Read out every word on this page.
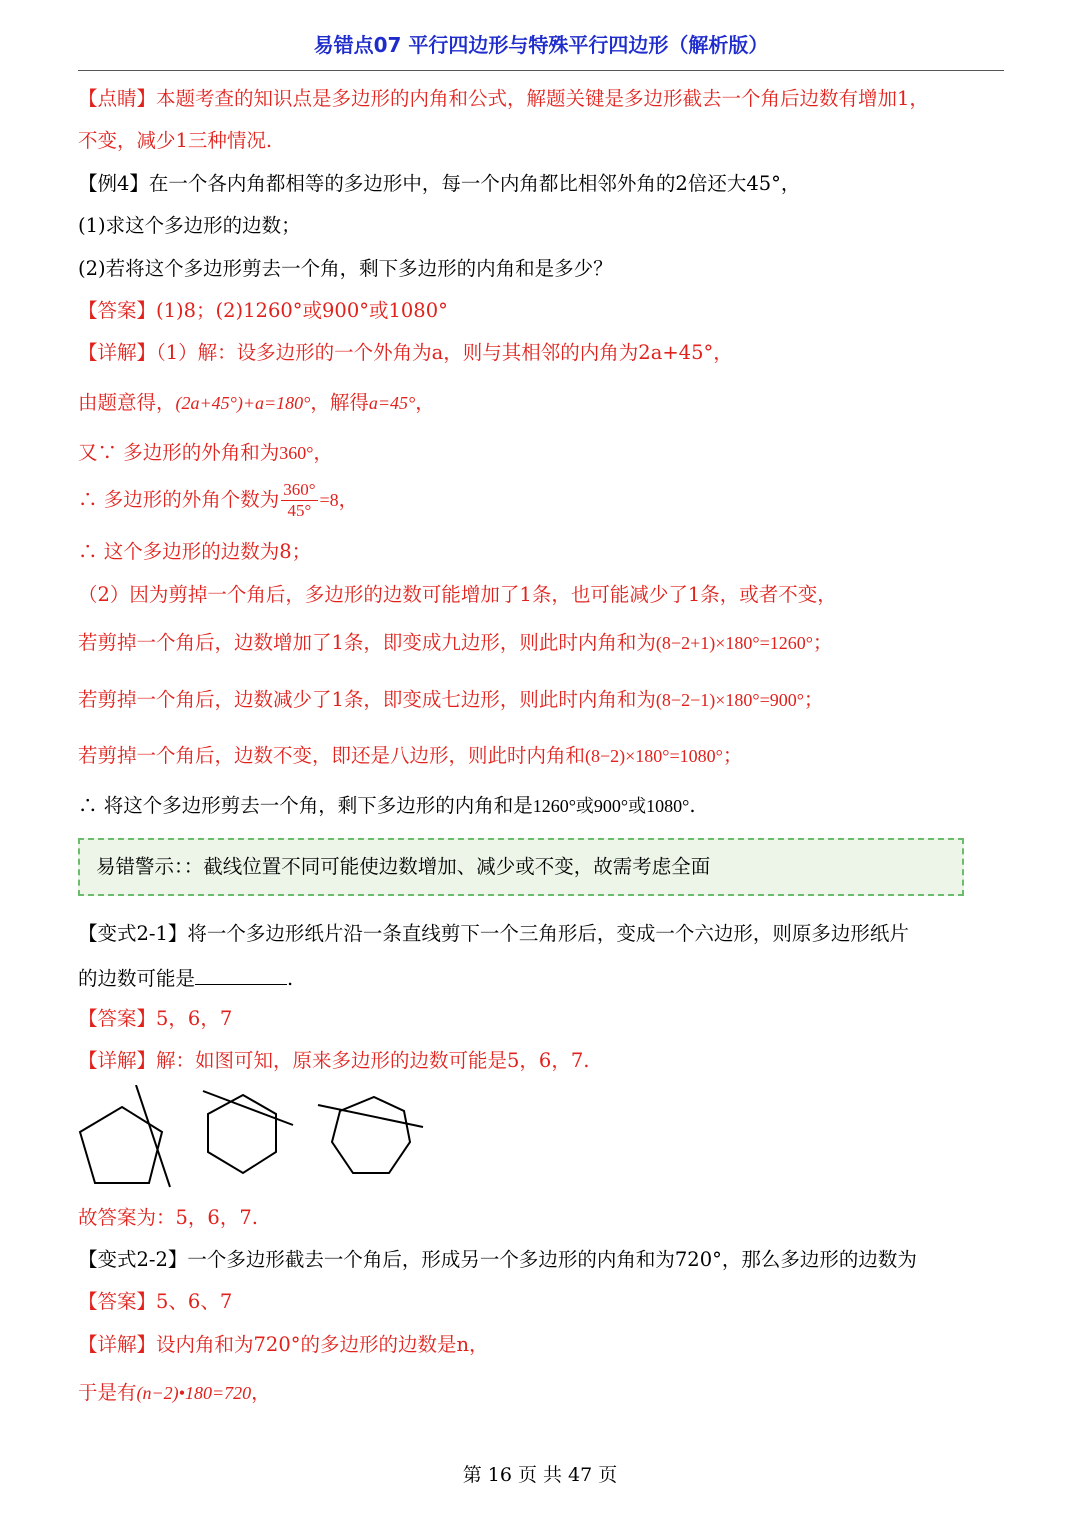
易错点07 平行四边形与特殊平行四边形（解析版）
【点睛】本题考查的知识点是多边形的内角和公式，解题关键是多边形截去一个角后边数有增加1，
不变，减少1三种情况.
【例4】在一个各内角都相等的多边形中，每一个内角都比相邻外角的2倍还大45°，
(1)求这个多边形的边数；
(2)若将这个多边形剪去一个角，剩下多边形的内角和是多少？
【答案】(1)8；(2)1260°或900°或1080°
【详解】（1）解：设多边形的一个外角为a，则与其相邻的内角为2a+45°，
由题意得，(2a+45°)+a=180°，解得a=45°，
又∵ 多边形的外角和为360°，
∴ 多边形的外角个数为 $\frac{360^\circ}{45^\circ} =8$，
∴ 这个多边形的边数为8；
（2）因为剪掉一个角后，多边形的边数可能增加了1条，也可能减少了1条，或者不变，
若剪掉一个角后，边数增加了1条，即变成九边形，则此时内角和为(8−2+1)×180°=1260°；
若剪掉一个角后，边数减少了1条，即变成七边形，则此时内角和为(8−2−1)×180°=900°；
若剪掉一个角后，边数不变，即还是八边形，则此时内角和(8−2)×180°=1080°；
∴ 将这个多边形剪去一个角，剩下多边形的内角和是1260°或900°或1080°.
易错警示：：截线位置不同可能使边数增加、减少或不变，故需考虑全面
【变式2-1】将一个多边形纸片沿一条直线剪下一个三角形后，变成一个六边形，则原多边形纸片
的边数可能是	.
【答案】5，6，7
【详解】解：如图可知，原来多边形的边数可能是5，6，7.
故答案为：5，6，7.
【变式2-2】一个多边形截去一个角后，形成另一个多边形的内角和为720°，那么多边形的边数为
【答案】5、6、7
【详解】设内角和为720°的多边形的边数是n，
于是有(n−2)•180=720，
第 16 页 共 47 页
